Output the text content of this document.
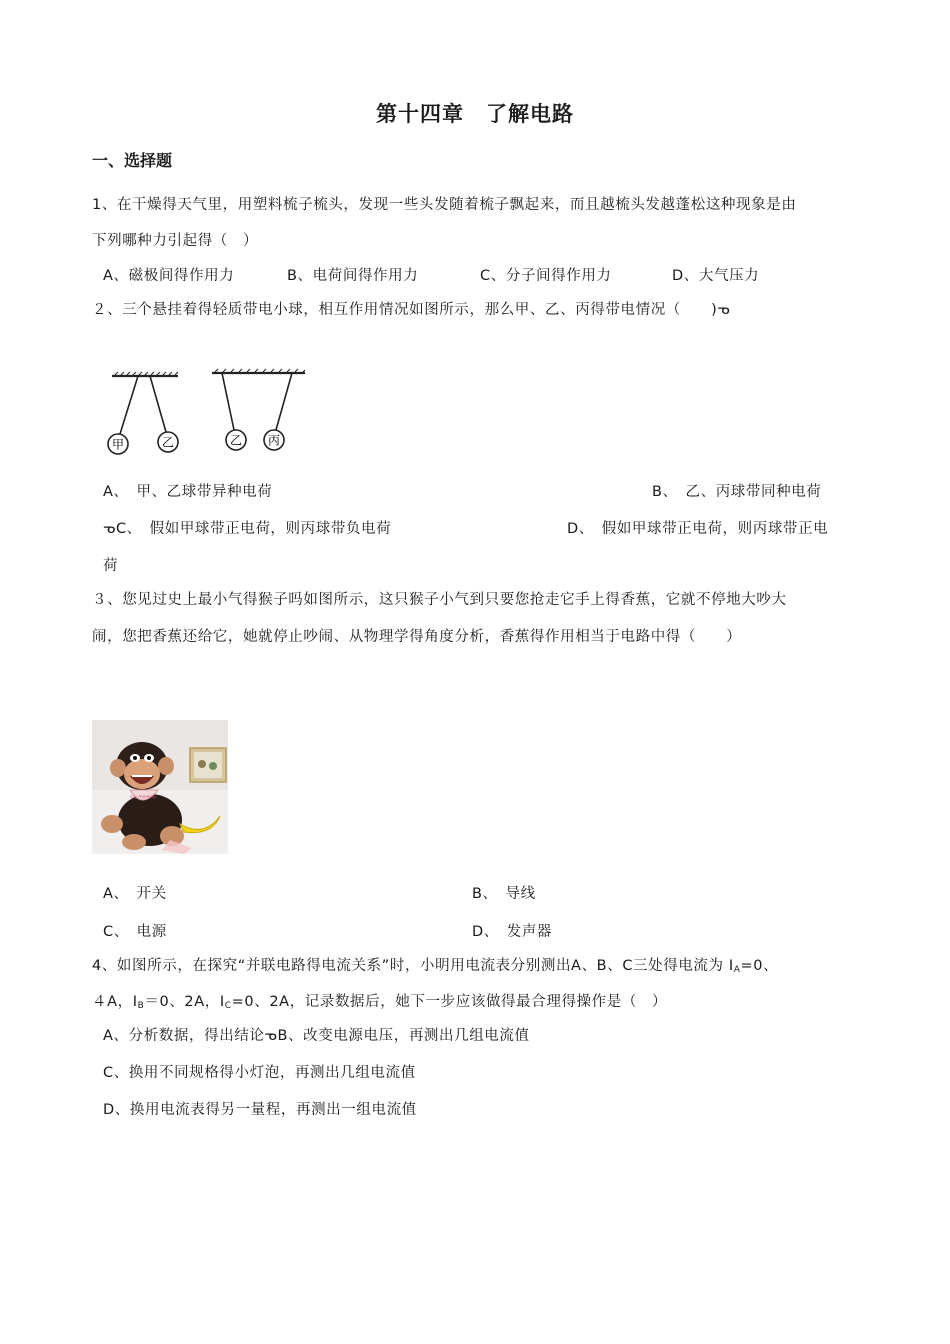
第十四章　了解电路
一、选择题
1、在干燥得天气里，用塑料梳子梳头，发现一些头发随着梳子飘起来，而且越梳头发越蓬松这种现象是由
下列哪种力引起得（　）
A、磁极间得作用力	B、电荷间得作用力	C、分子间得作用力	D、大气压力
２、三个悬挂着得轻质带电小球，相互作用情况如图所示，那么甲、乙、丙得带电情况（　　)ᓀ
甲	乙	乙 丙
A、　甲、乙球带异种电荷	B、　乙、丙球带同种电荷
ᓀC、　假如甲球带正电荷，则丙球带负电荷	D、　假如甲球带正电荷，则丙球带正电
荷
３、您见过史上最小气得猴子吗如图所示，这只猴子小气到只要您抢走它手上得香蕉，它就不停地大吵大
闹，您把香蕉还给它，她就停止吵闹、从物理学得角度分析，香蕉得作用相当于电路中得（　　）
cry monkey
A、　开关	B、　导线
C、　电源	D、　发声器
4、如图所示，在探究“并联电路得电流关系”时，小明用电流表分别测出A、B、C三处得电流为 $I_A=0$、
４A，$I_B=0$、2A，$I_C=0$、2A，记录数据后，她下一步应该做得最合理得操作是（　）
A、分析数据，得出结论ᓀB、改变电源电压，再测出几组电流值
C、换用不同规格得小灯泡，再测出几组电流值
D、换用电流表得另一量程，再测出一组电流值
